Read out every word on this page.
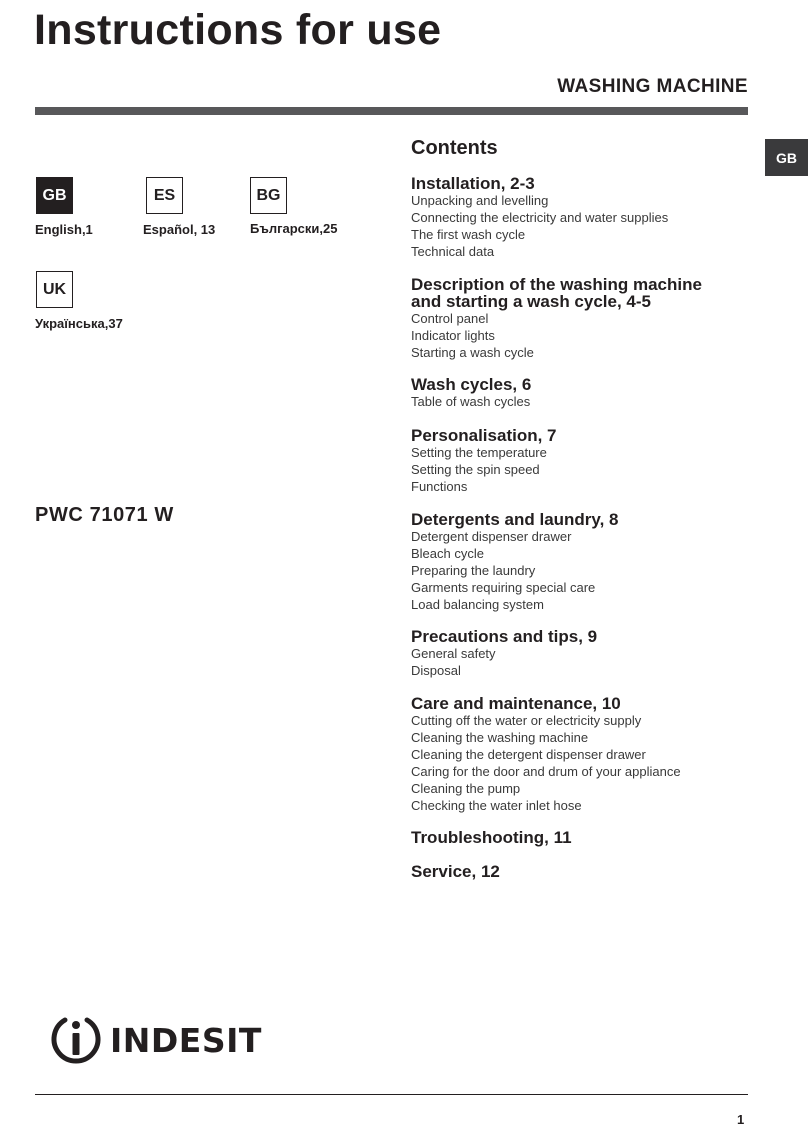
Instructions for use
WASHING MACHINE
GB
GB
English,1
ES
Español, 13
BG
Български,25
UK
Українська,37
PWC 71071 W
Contents
Installation, 2-3
Unpacking and levelling
Connecting the electricity and water supplies
The first wash cycle
Technical data
Description of the washing machine
and starting a wash cycle, 4-5
Control panel
Indicator lights
Starting a wash cycle
Wash cycles, 6
Table of wash cycles
Personalisation, 7
Setting the temperature
Setting the spin speed
Functions
Detergents and laundry, 8
Detergent dispenser drawer
Bleach cycle
Preparing the laundry
Garments requiring special care
Load balancing system
Precautions and tips, 9
General safety
Disposal
Care and maintenance, 10
Cutting off the water or electricity supply
Cleaning the washing machine
Cleaning the detergent dispenser drawer
Caring for the door and drum of your appliance
Cleaning the pump
Checking the water inlet hose
Troubleshooting, 11
Service, 12
INDESIT
1
